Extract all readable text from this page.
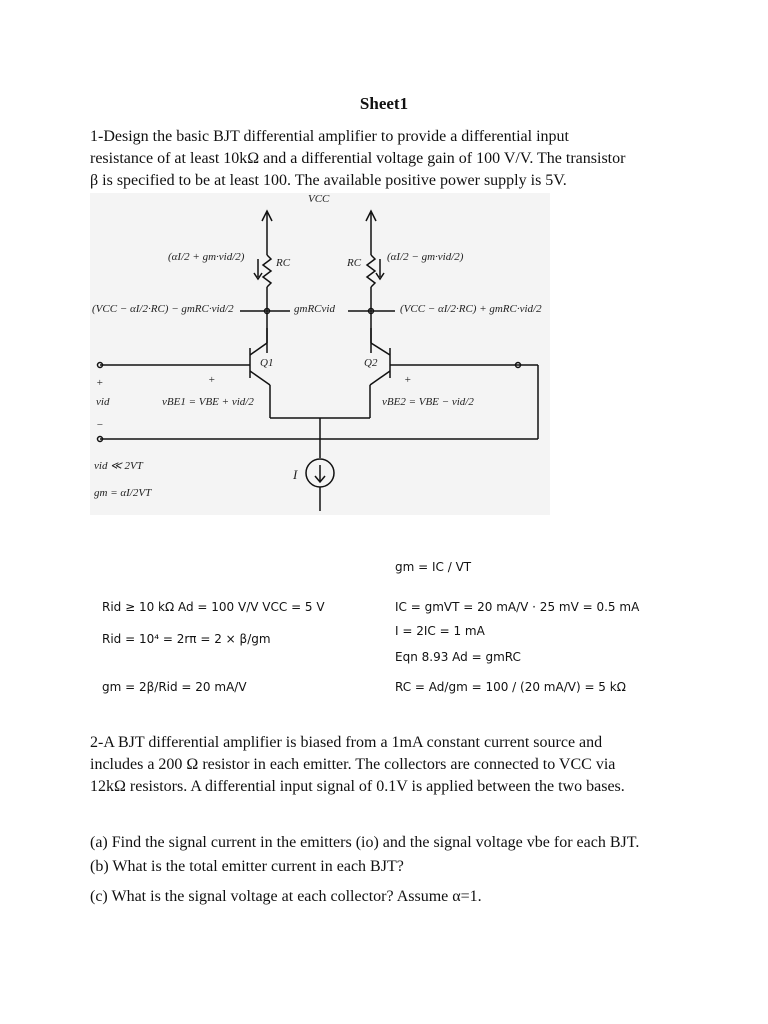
Sheet1
1-Design the basic BJT differential amplifier to provide a differential input
resistance of at least 10kΩ and a differential voltage gain of 100 V/V. The transistor
β is specified to be at least 100. The available positive power supply is 5V.
VCC
(αI/2 + gm·vid/2)	RC	RC (αI/2 − gm·vid/2)
(VCC − αI/2·RC) − gmRC·vid/2	gmRCvid	(VCC − αI/2·RC) + gmRC·vid/2
Q1	Q2
+
vid
−
+
vBE1 = VBE + vid/2
+
vBE2 = VBE − vid/2
vid ≪ 2VT
gm = αI/2VT
I
gm = IC / VT
Rid ≥ 10 kΩ Ad = 100 V/V VCC = 5 V	IC = gmVT = 20 mA/V · 25 mV = 0.5 mA
Rid = 10⁴ = 2rπ = 2 × β/gm
I = 2IC = 1 mA
Eqn 8.93 Ad = gmRC
gm = 2β/Rid = 20 mA/V	RC = Ad/gm = 100 / (20 mA/V) = 5 kΩ
2-A BJT differential amplifier is biased from a 1mA constant current source and
includes a 200 Ω resistor in each emitter. The collectors are connected to VCC via
12kΩ resistors. A differential input signal of 0.1V is applied between the two bases.
(a) Find the signal current in the emitters (io) and the signal voltage vbe for each BJT.
(b) What is the total emitter current in each BJT?
(c) What is the signal voltage at each collector? Assume α=1.
